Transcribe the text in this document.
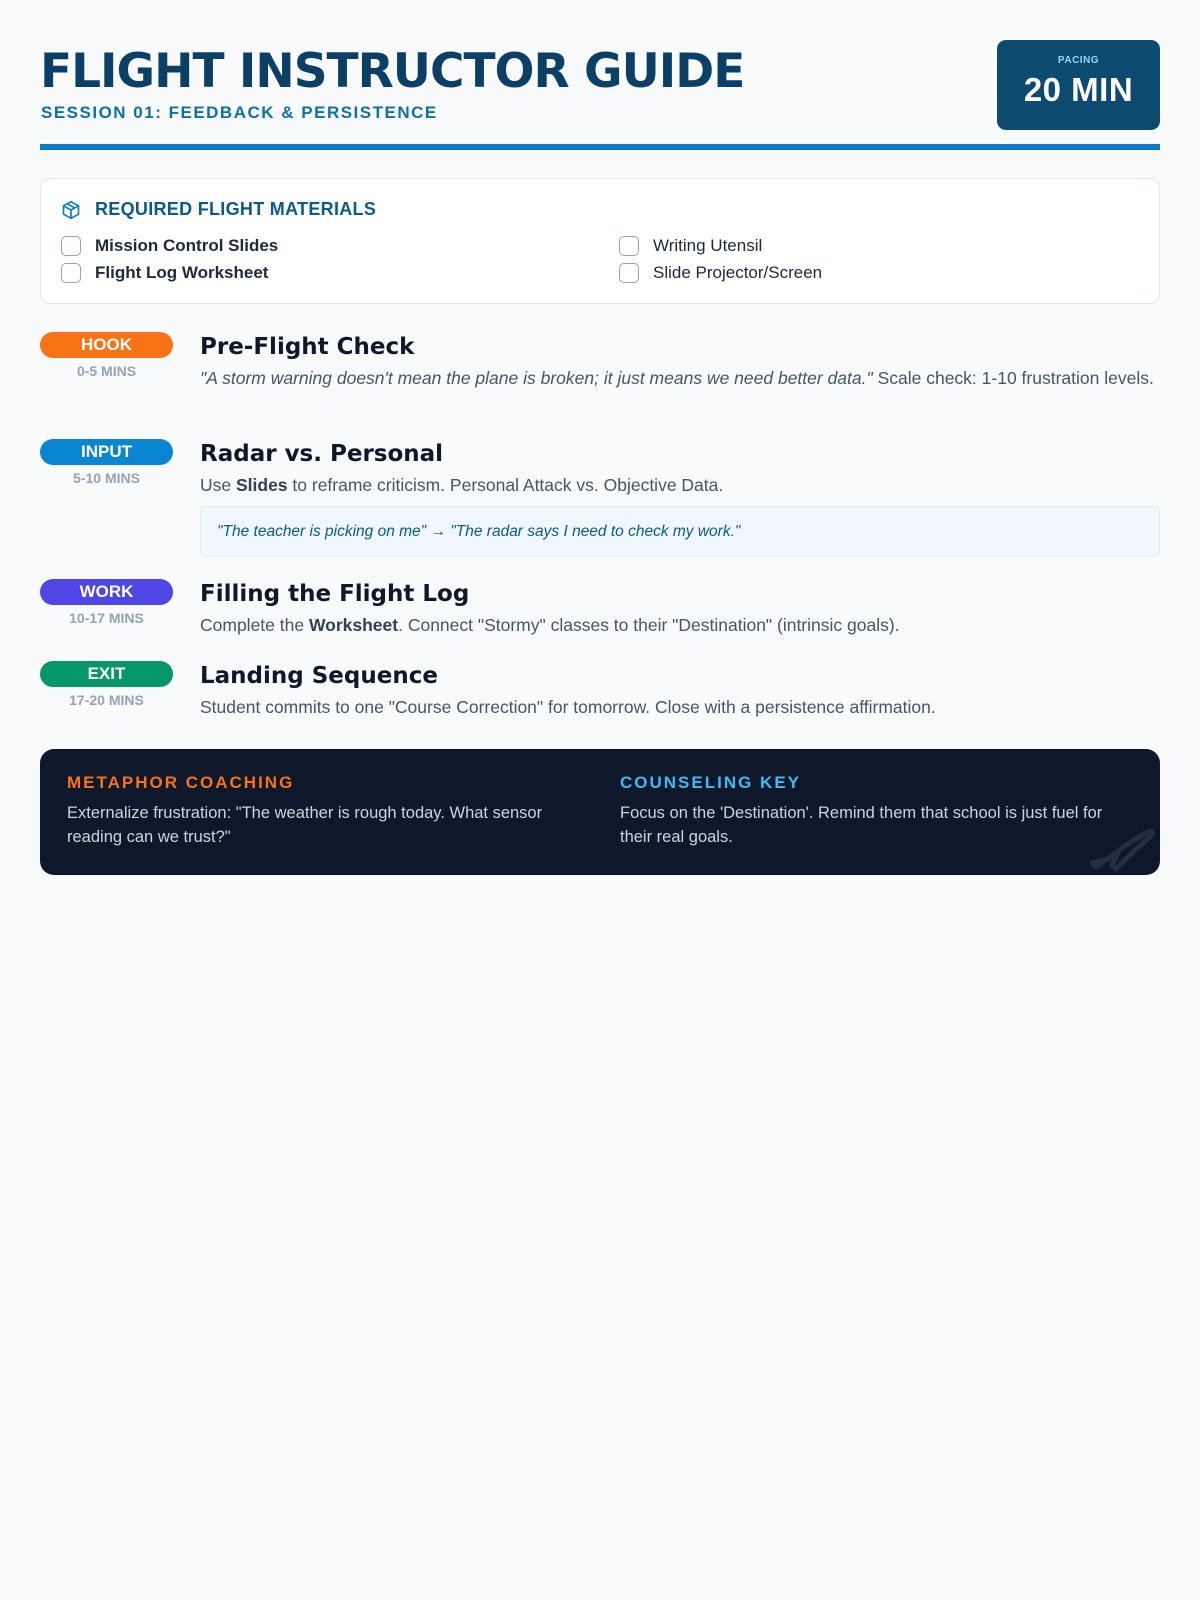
FLIGHT INSTRUCTOR GUIDE
SESSION 01: FEEDBACK & PERSISTENCE
PACING
20 MIN
REQUIRED FLIGHT MATERIALS
Mission Control Slides
Flight Log Worksheet
Writing Utensil
Slide Projector/Screen
HOOK
0-5 MINS
Pre-Flight Check
"A storm warning doesn't mean the plane is broken; it just means we need better data." Scale check: 1-10 frustration levels.
INPUT
5-10 MINS
Radar vs. Personal
Use Slides to reframe criticism. Personal Attack vs. Objective Data.
"The teacher is picking on me" → "The radar says I need to check my work."
WORK
10-17 MINS
Filling the Flight Log
Complete the Worksheet. Connect "Stormy" classes to their "Destination" (intrinsic goals).
EXIT
17-20 MINS
Landing Sequence
Student commits to one "Course Correction" for tomorrow. Close with a persistence affirmation.
METAPHOR COACHING
Externalize frustration: "The weather is rough today. What sensor reading can we trust?"
COUNSELING KEY
Focus on the 'Destination'. Remind them that school is just fuel for their real goals.
